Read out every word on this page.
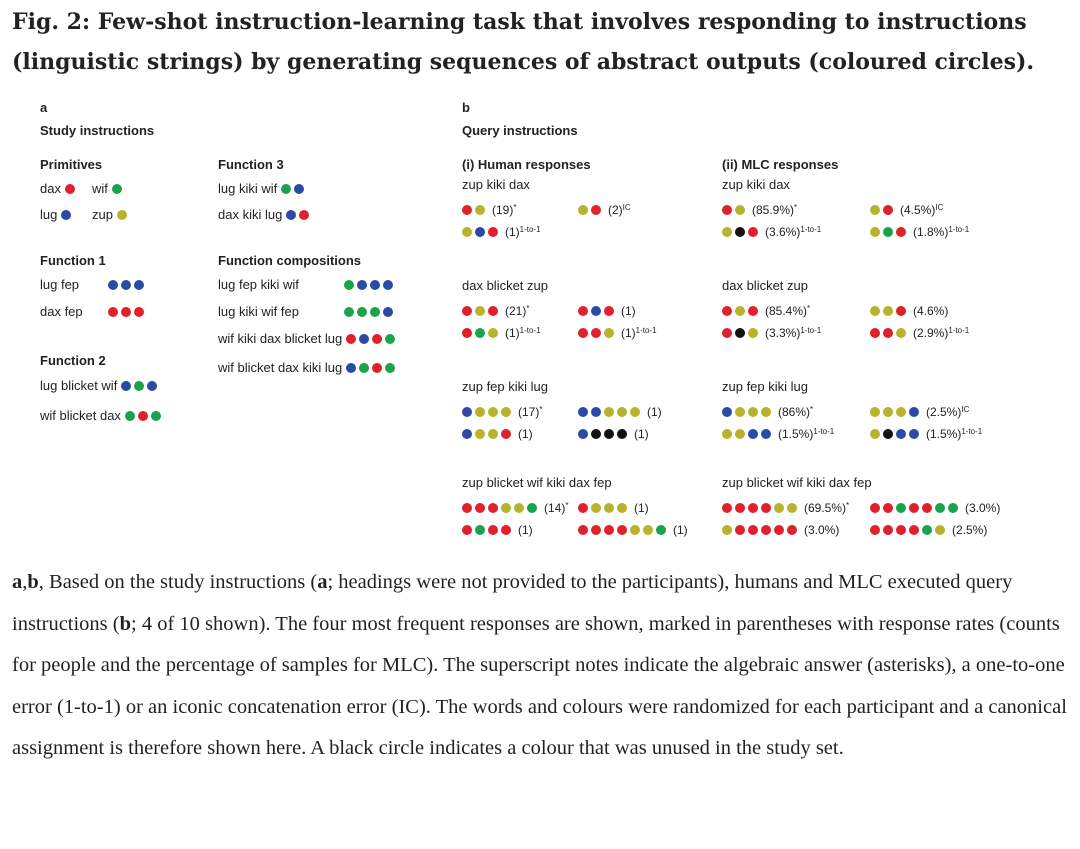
Fig. 2: Few-shot instruction-learning task that involves responding to instructions (linguistic strings) by generating sequences of abstract outputs (coloured circles).
a
Study instructions
Primitives
dax	wif
lug	zup
Function 1
lug fep
dax fep
Function 2
lug blicket wif
wif blicket dax
Function 3
lug kiki wif
dax kiki lug
Function compositions
lug fep kiki wif
lug kiki wif fep
wif kiki dax blicket lug
wif blicket dax kiki lug
b
Query instructions
(i) Human responses	(ii) MLC responses
zup kiki dax
(19)*	$(2)^{IC}$
$(1)^{1-to-1}$
zup kiki dax
(85.9%)*	$(4.5\%)^{IC}$
$(3.6\%)^{1-to-1}$	$(1.8\%)^{1-to-1}$
dax blicket zup
(21)*	(1)
$(1)^{1-to-1}$	$(1)^{1-to-1}$
dax blicket zup
(85.4%)*	(4.6%)
$(3.3\%)^{1-to-1}$	$(2.9\%)^{1-to-1}$
zup fep kiki lug
(17)*	(1)
(1)	(1)
zup fep kiki lug
(86%)*	$(2.5\%)^{IC}$
$(1.5\%)^{1-to-1}$	$(1.5\%)^{1-to-1}$
zup blicket wif kiki dax fep
(14)*	(1)
(1)	(1)
zup blicket wif kiki dax fep
(69.5%)*	(3.0%)
(3.0%)	(2.5%)

a,b, Based on the study instructions (a; headings were not provided to the participants), humans and MLC executed query instructions (b; 4 of 10 shown). The four most frequent responses are shown, marked in parentheses with response rates (counts for people and the percentage of samples for MLC). The superscript notes indicate the algebraic answer (asterisks), a one-to-one error (1-to-1) or an iconic concatenation error (IC). The words and colours were randomized for each participant and a canonical assignment is therefore shown here. A black circle indicates a colour that was unused in the study set.
